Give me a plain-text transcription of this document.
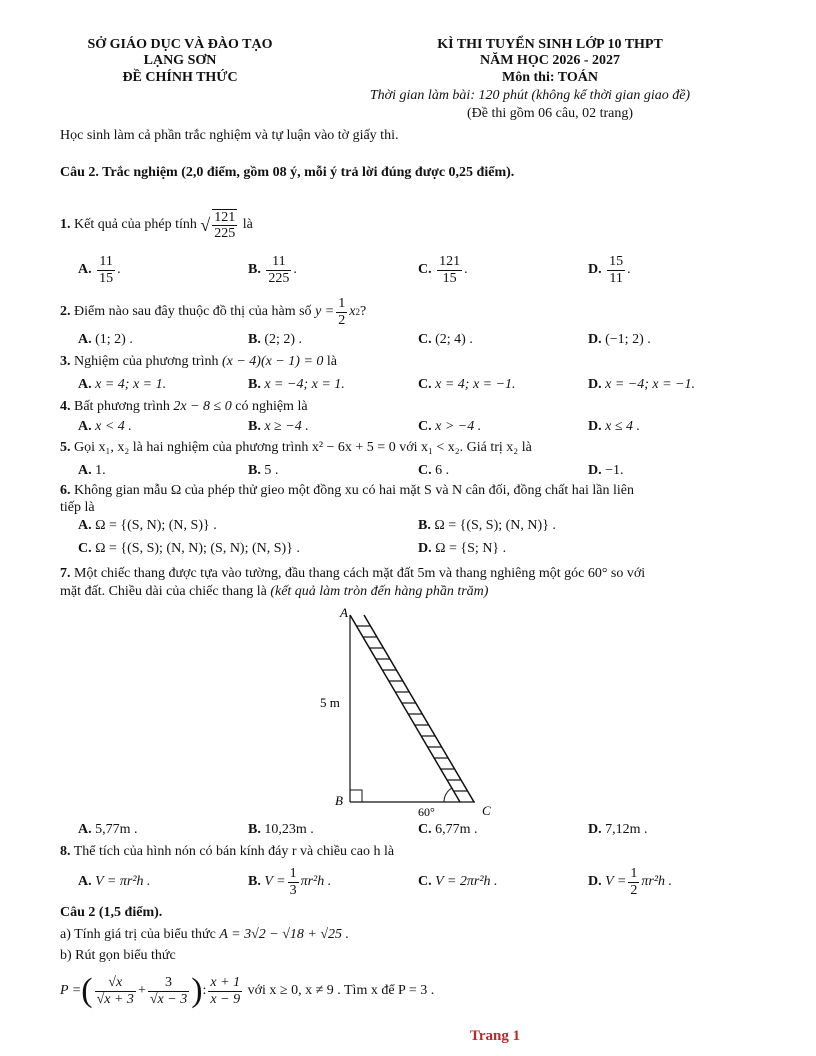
SỞ GIÁO DỤC VÀ ĐÀO TẠO
LẠNG SƠN
ĐỀ CHÍNH THỨC
KÌ THI TUYỂN SINH LỚP 10 THPT
NĂM HỌC 2026 - 2027
Môn thi: TOÁN
Thời gian làm bài: 120 phút (không kể thời gian giao đề)
(Đề thi gồm 06 câu, 02 trang)
Học sinh làm cả phần trắc nghiệm và tự luận vào tờ giấy thi.
Câu 2. Trắc nghiệm (2,0 điểm, gồm 08 ý, mỗi ý trả lời đúng được 0,25 điểm).
1.
Kết quả của phép tính
√ $\frac{121}{225}$
là
A.
$\frac{11}{15}$ .	B.
$\frac{11}{225}$ .	C.
$\frac{121}{15}$ .	D.
$\frac{15}{11}$ .
2.
Điểm nào sau đây thuộc đồ thị của hàm số
$y = \frac{1}{2}$ x 2 ?
A. (1; 2) .	B. (2; 2) .	C. (2; 4) .	D. (−1; 2) .
3. Nghiệm của phương trình (x − 4)(x − 1) = 0 là
A. x = 4; x = 1.	B. x = −4; x = 1.	C. x = 4; x = −1.	D. x = −4; x = −1.
4. Bất phương trình 2x − 8 ≤ 0 có nghiệm là
A. x < 4 .	B. x ≥ −4 .	C. x > −4 .	D. x ≤ 4 .
5. Gọi x₁, x₂ là hai nghiệm của phương trình x² − 6x + 5 = 0 với x₁ < x₂. Giá trị x₂ là
A. 1.	B. 5 .	C. 6 .	D. −1.
6. Không gian mẫu Ω của phép thử gieo một đồng xu có hai mặt S và N cân đối, đồng chất hai lần liên
tiếp là
A. Ω = {(S, N); (N, S)} .	B. Ω = {(S, S); (N, N)} .
C. Ω = {(S, S); (N, N); (S, N); (N, S)} .	D. Ω = {S; N} .
7. Một chiếc thang được tựa vào tường, đầu thang cách mặt đất 5m và thang nghiêng một góc 60° so với
mặt đất. Chiều dài của chiếc thang là (kết quả làm tròn đến hàng phần trăm)
A
B
C
5 m
60°
A. 5,77m .	B. 10,23m .	C. 6,77m .	D. 7,12m .
8. Thể tích của hình nón có bán kính đáy r và chiều cao h là
A.
V = πr²h .	B.
$V = \frac{1}{3} \pi r^2h$ .	C.
V = 2πr²h .	D.
$V = \frac{1}{2} \pi r^2h$ .
Câu 2 (1,5 điểm).
a) Tính giá trị của biểu thức A = 3√2 − √18 + √25 .
b) Rút gọn biểu thức
P = ( $\frac{√x}{√x + 3} + \frac{3}{√x - 3}$ ) : $\frac{x + 1}{x - 9}$
với x ≥ 0, x ≠ 9 . Tìm x để P = 3 .
Trang 1
